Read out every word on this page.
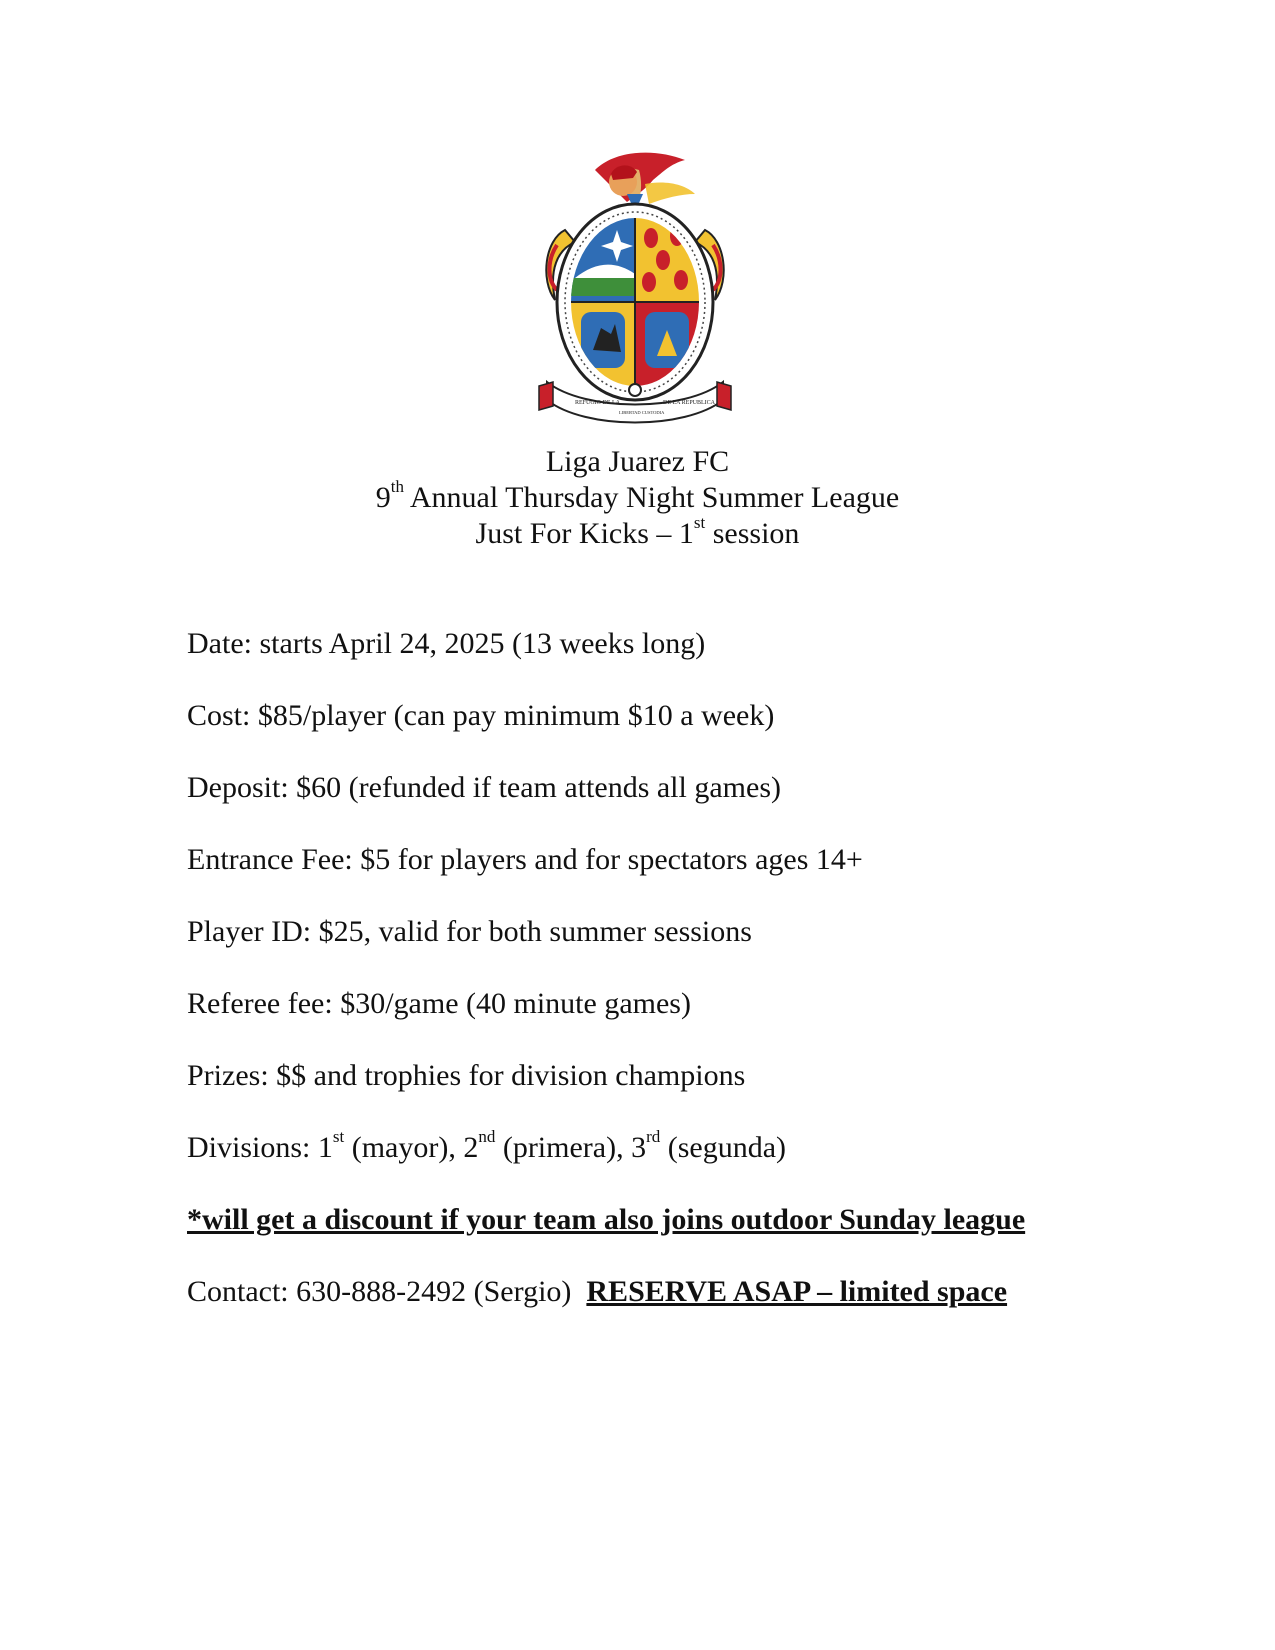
REFUGIO DE LA
LIBERTAD CUSTODIA
DE LA REPUBLICA
Liga Juarez FC
9th Annual Thursday Night Summer League
Just For Kicks – 1st session
Date: starts April 24, 2025 (13 weeks long)
Cost: $85/player (can pay minimum $10 a week)
Deposit: $60 (refunded if team attends all games)
Entrance Fee: $5 for players and for spectators ages 14+
Player ID: $25, valid for both summer sessions
Referee fee: $30/game (40 minute games)
Prizes: $$ and trophies for division champions
Divisions: 1st (mayor), 2nd (primera), 3rd (segunda)
*will get a discount if your team also joins outdoor Sunday league
Contact: 630-888-2492 (Sergio) RESERVE ASAP – limited space
